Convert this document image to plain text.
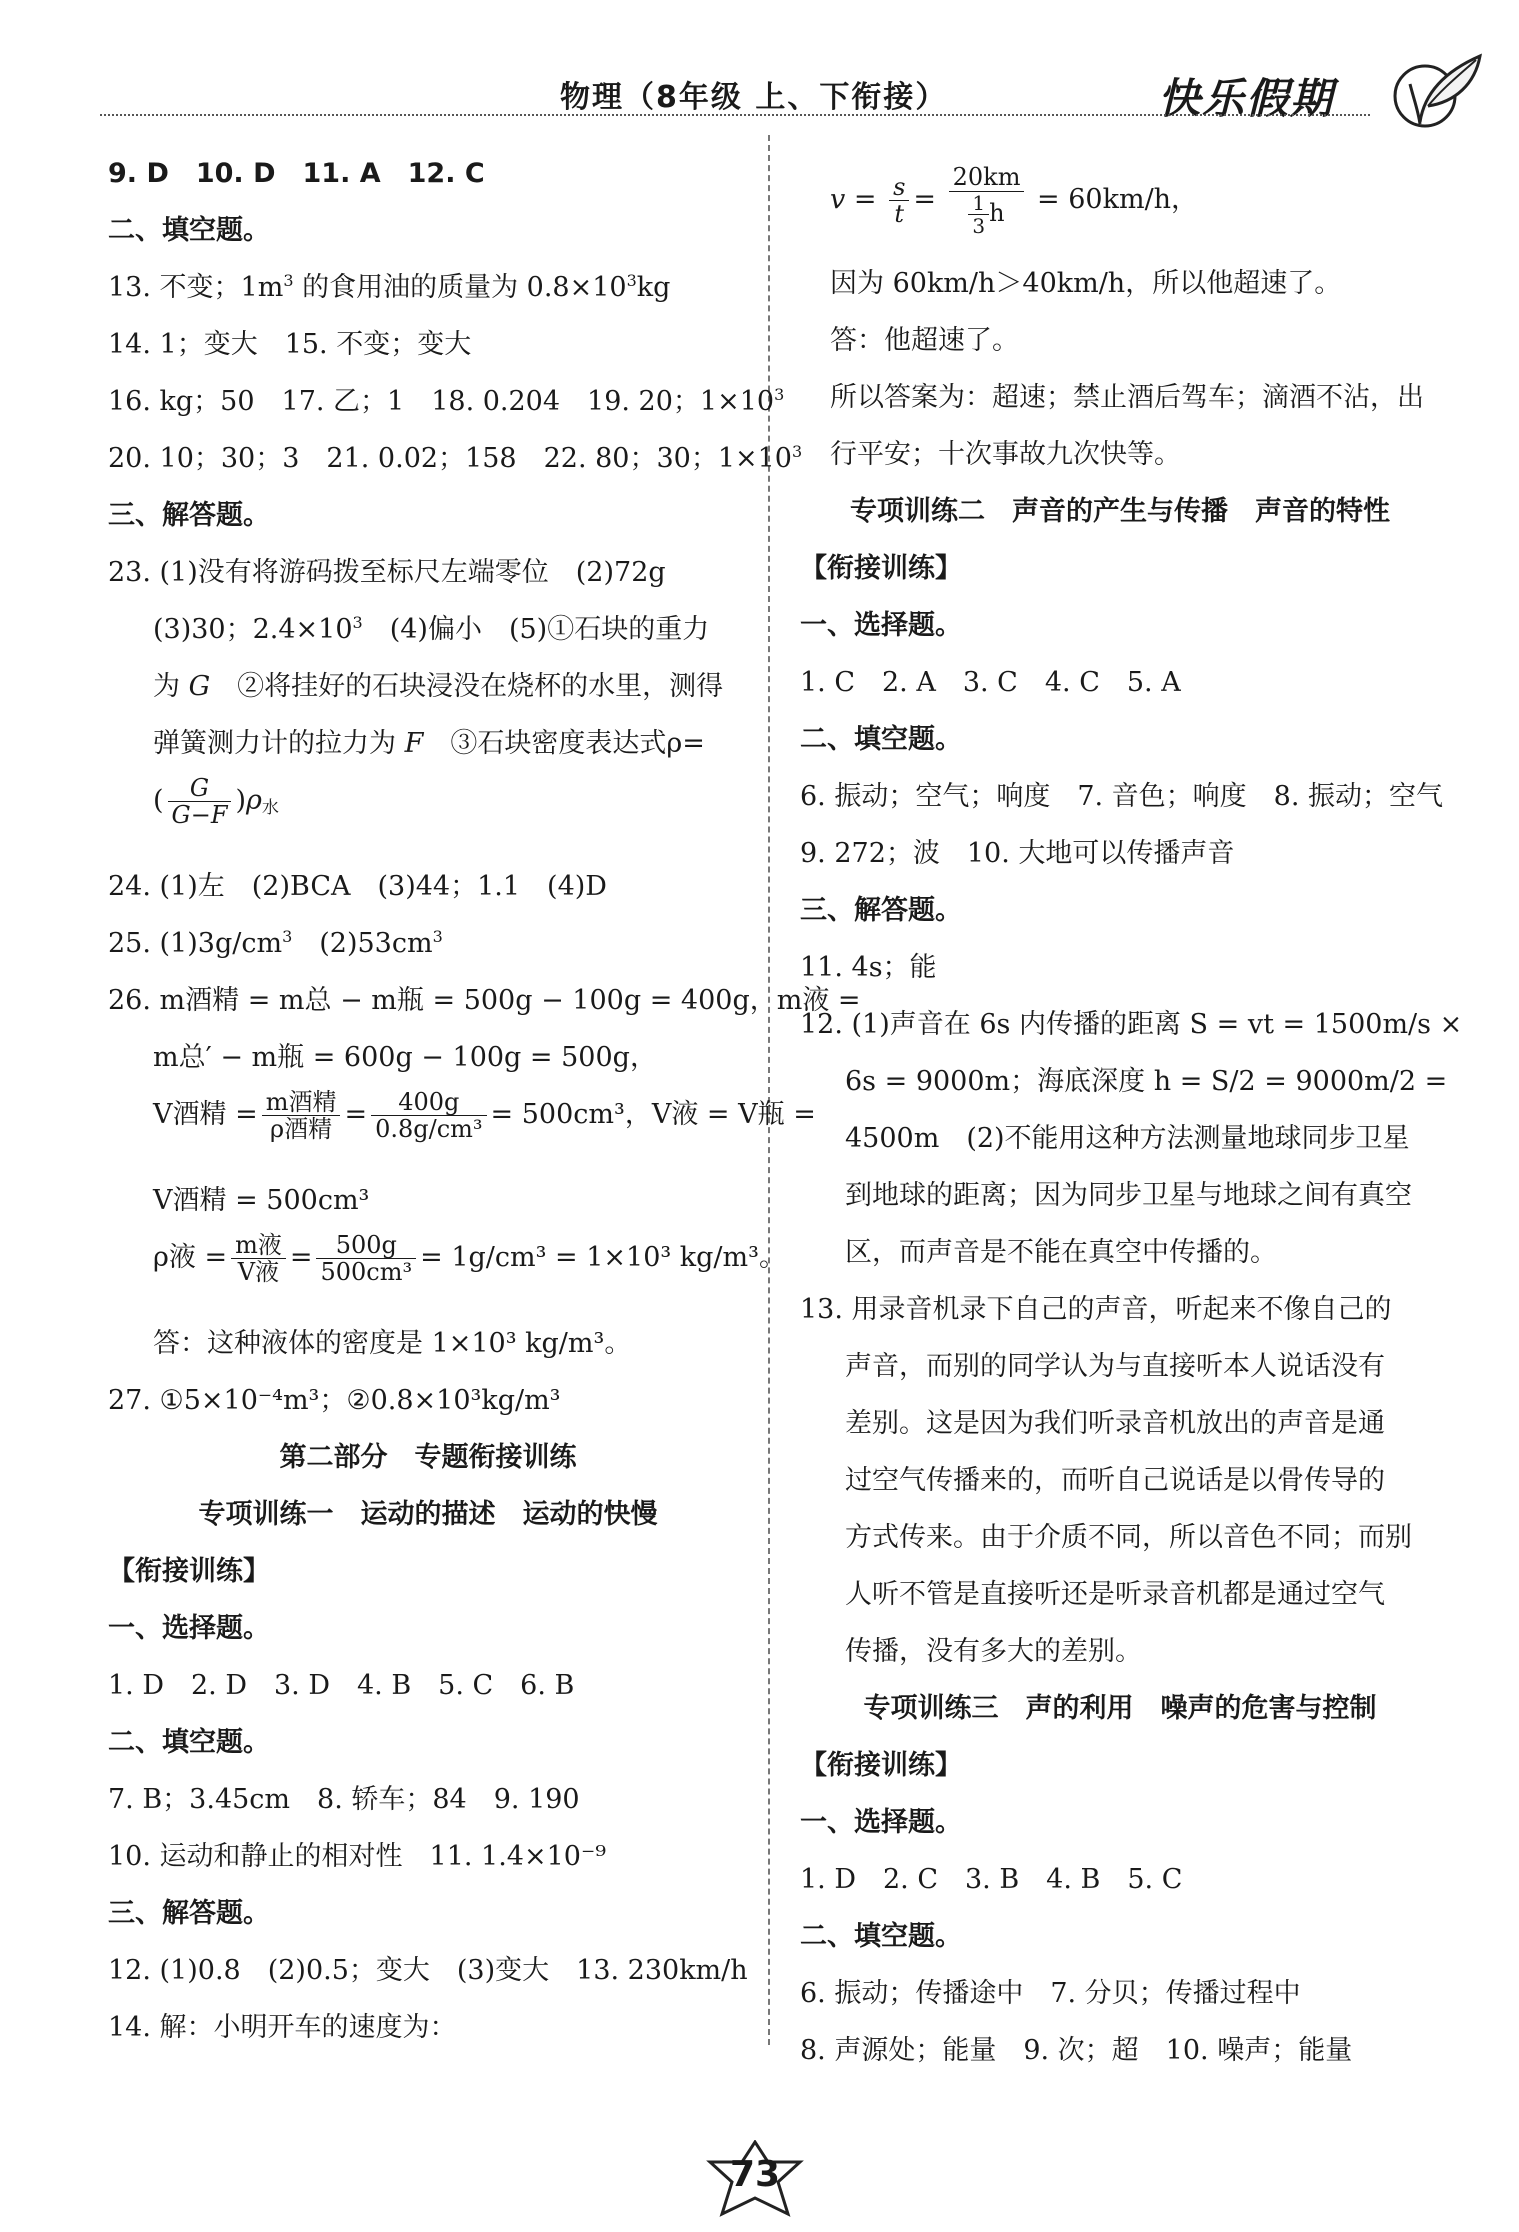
物理（8年级 上、下衔接）	快乐假期
9. D　10. D　11. A　12. C
二、填空题。
13. 不变；$1m^3$ 的食用油的质量为 $0.8\times 10^3kg$
14. 1；变大　15. 不变；变大
16. kg；50　17. 乙；1　18. 0.204　19. 20；$1\times 10^3$
20. 10；30；3　21. 0.02；158　22. 80；30；$1\times 10^3$
三、解答题。
23. (1)没有将游码拨至标尺左端零位　(2)72g
(3)30；$2.4\times 10^3$　(4)偏小　(5)①石块的重力
为 G　②将挂好的石块浸没在烧杯的水里，测得
弹簧测力计的拉力为 F　③石块密度表达式ρ=
( $\frac{G}{G-F} )\rho_水$
24. (1)左　(2)BCA　(3)44；1.1　(4)D
25. $(1)3g/cm^3$　$(2)53cm^3$
26. m酒精 = m总 − m瓶 = 500g − 100g = 400g，m液 =
m总′ − m瓶 = 600g − 100g = 500g，
V酒精 = $\frac{\text{m酒精}}{\text{ρ酒精}} = \frac{400g}{\text{0.8g/cm³}} = 500cm^3$，V液 = V瓶 =
V酒精 = 500cm³
ρ液 = $\frac{\text{m液}}{\text{V液}} = \frac{500g}{\text{500cm³}} = 1g/cm^3 = 1\times 10^3$ kg/m³。
答：这种液体的密度是 1×10³ kg/m³。
27. ①5×10⁻⁴m³；②0.8×10³kg/m³
第二部分　专题衔接训练
专项训练一　运动的描述　运动的快慢
【衔接训练】
一、选择题。
1. D　2. D　3. D　4. B　5. C　6. B
二、填空题。
7. B；3.45cm　8. 轿车；84　9. 190
10. 运动和静止的相对性　11. 1.4×10⁻⁹
三、解答题。
12. (1)0.8　(2)0.5；变大　(3)变大　13. 230km/h
14. 解：小明开车的速度为：
$v = \frac{s}{t} = \frac{20km}{\frac{1}{3} h} = 60km/h$，
因为 60km/h＞40km/h，所以他超速了。
答：他超速了。
所以答案为：超速；禁止酒后驾车；滴酒不沾，出
行平安；十次事故九次快等。
专项训练二　声音的产生与传播　声音的特性
【衔接训练】
一、选择题。
1. C　2. A　3. C　4. C　5. A
二、填空题。
6. 振动；空气；响度　7. 音色；响度　8. 振动；空气
9. 272；波　10. 大地可以传播声音
三、解答题。
11. 4s；能
12. (1)声音在 6s 内传播的距离 S = vt = 1500m/s ×
6s = 9000m；海底深度 h = S/2 = 9000m/2 =
4500m　(2)不能用这种方法测量地球同步卫星
到地球的距离；因为同步卫星与地球之间有真空
区，而声音是不能在真空中传播的。
13. 用录音机录下自己的声音，听起来不像自己的
声音，而别的同学认为与直接听本人说话没有
差别。这是因为我们听录音机放出的声音是通
过空气传播来的，而听自己说话是以骨传导的
方式传来。由于介质不同，所以音色不同；而别
人听不管是直接听还是听录音机都是通过空气
传播，没有多大的差别。
专项训练三　声的利用　噪声的危害与控制
【衔接训练】
一、选择题。
1. D　2. C　3. B　4. B　5. C
二、填空题。
6. 振动；传播途中　7. 分贝；传播过程中
8. 声源处；能量　9. 次；超　10. 噪声；能量
73
